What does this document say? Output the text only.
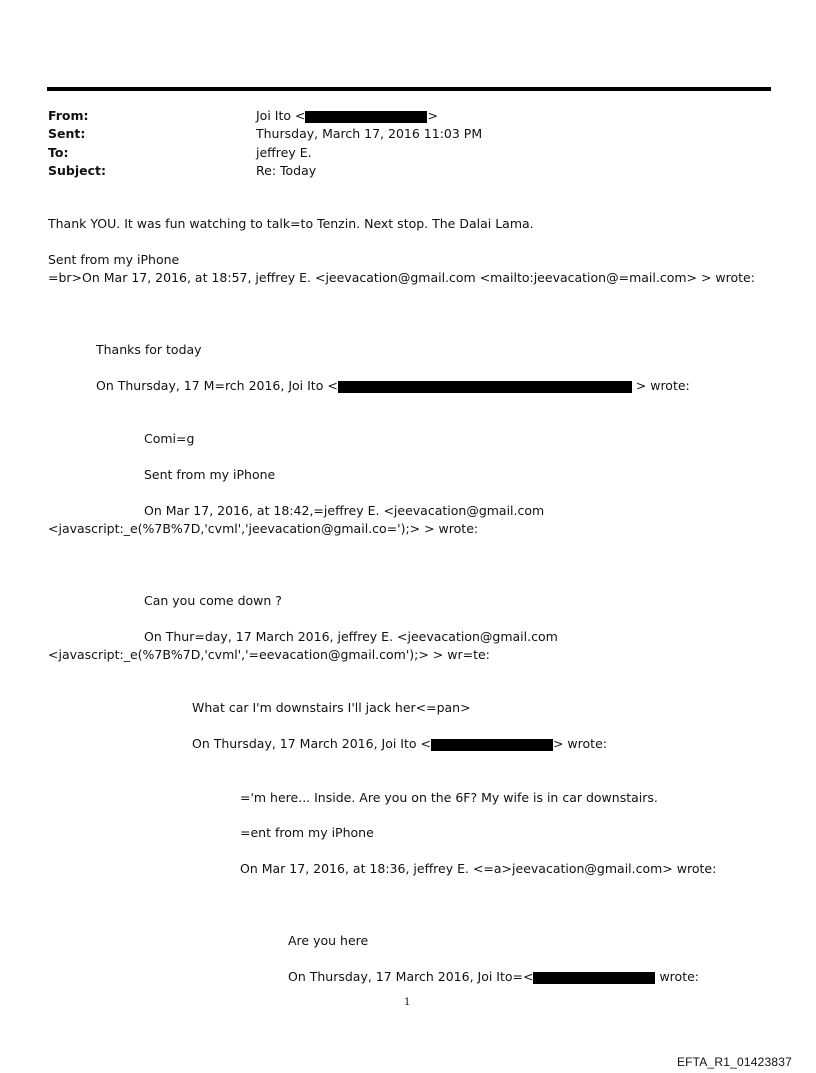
From:	Joi Ito <	>
Sent:	Thursday, March 17, 2016 11:03 PM
To:	jeffrey E.
Subject:	Re: Today
Thank YOU. It was fun watching to talk=to Tenzin. Next stop. The Dalai Lama.
Sent from my iPhone
=br>On Mar 17, 2016, at 18:57, jeffrey E. <jeevacation@gmail.com <mailto:jeevacation@=mail.com> > wrote:
Thanks for today
On Thursday, 17 M=rch 2016, Joi Ito <	> wrote:
Comi=g
Sent from my iPhone
On Mar 17, 2016, at 18:42,=jeffrey E. <jeevacation@gmail.com
<javascript:_e(%7B%7D,'cvml','jeevacation@gmail.co=');> > wrote:
Can you come down ?
On Thur=day, 17 March 2016, jeffrey E. <jeevacation@gmail.com
<javascript:_e(%7B%7D,'cvml','=eevacation@gmail.com');> > wr=te:
What car I'm downstairs I'll jack her<=pan>
On Thursday, 17 March 2016, Joi Ito <	> wrote:
='m here... Inside. Are you on the 6F? My wife is in car downstairs.
=ent from my iPhone
On Mar 17, 2016, at 18:36, jeffrey E. <=a>jeevacation@gmail.com> wrote:
Are you here
On Thursday, 17 March 2016, Joi Ito=<	wrote:
1
EFTA_R1_01423837
